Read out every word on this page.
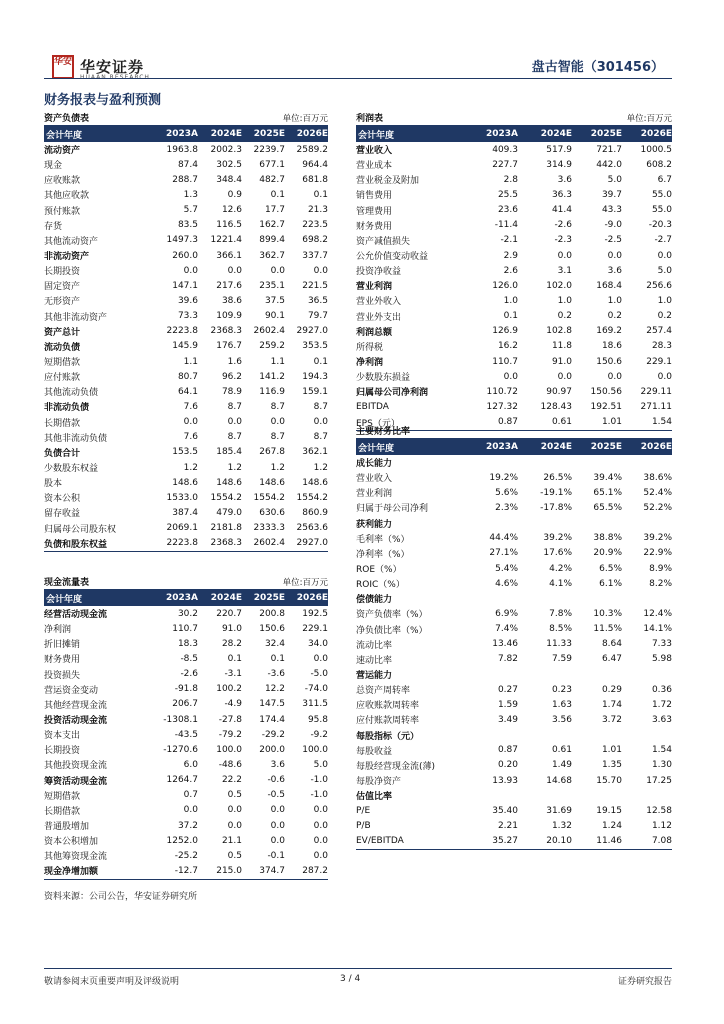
华安 华安证券	盘古智能（301456）
财务报表与盈利预测
资产负债表	单位:百万元
会计年度	2023A	2024E	2025E	2026E
流动资产	1963.8	2002.3	2239.7	2589.2
现金	87.4	302.5	677.1	964.4
应收账款	288.7	348.4	482.7	681.8
其他应收款	1.3	0.9	0.1	0.1
预付账款	5.7	12.6	17.7	21.3
存货	83.5	116.5	162.7	223.5
其他流动资产	1497.3	1221.4	899.4	698.2
非流动资产	260.0	366.1	362.7	337.7
长期投资	0.0	0.0	0.0	0.0
固定资产	147.1	217.6	235.1	221.5
无形资产	39.6	38.6	37.5	36.5
其他非流动资产	73.3	109.9	90.1	79.7
资产总计	2223.8	2368.3	2602.4	2927.0
流动负债	145.9	176.7	259.2	353.5
短期借款	1.1	1.6	1.1	0.1
应付账款	80.7	96.2	141.2	194.3
其他流动负债	64.1	78.9	116.9	159.1
非流动负债	7.6	8.7	8.7	8.7
长期借款	0.0	0.0	0.0	0.0
其他非流动负债	7.6	8.7	8.7	8.7
负债合计	153.5	185.4	267.8	362.1
少数股东权益	1.2	1.2	1.2	1.2
股本	148.6	148.6	148.6	148.6
资本公积	1533.0	1554.2	1554.2	1554.2
留存收益	387.4	479.0	630.6	860.9
归属母公司股东权	2069.1	2181.8	2333.3	2563.6
负债和股东权益	2223.8	2368.3	2602.4	2927.0
现金流量表	单位:百万元
会计年度	2023A	2024E	2025E	2026E
经营活动现金流	30.2	220.7	200.8	192.5
净利润	110.7	91.0	150.6	229.1
折旧摊销	18.3	28.2	32.4	34.0
财务费用	-8.5	0.1	0.1	0.0
投资损失	-2.6	-3.1	-3.6	-5.0
营运资金变动	-91.8	100.2	12.2	-74.0
其他经营现金流	206.7	-4.9	147.5	311.5
投资活动现金流	-1308.1	-27.8	174.4	95.8
资本支出	-43.5	-79.2	-29.2	-9.2
长期投资	-1270.6	100.0	200.0	100.0
其他投资现金流	6.0	-48.6	3.6	5.0
筹资活动现金流	1264.7	22.2	-0.6	-1.0
短期借款	0.7	0.5	-0.5	-1.0
长期借款	0.0	0.0	0.0	0.0
普通股增加	37.2	0.0	0.0	0.0
资本公积增加	1252.0	21.1	0.0	0.0
其他筹资现金流	-25.2	0.5	-0.1	0.0
现金净增加额	-12.7	215.0	374.7	287.2
利润表	单位:百万元
会计年度	2023A	2024E	2025E	2026E
营业收入	409.3	517.9	721.7	1000.5
营业成本	227.7	314.9	442.0	608.2
营业税金及附加	2.8	3.6	5.0	6.7
销售费用	25.5	36.3	39.7	55.0
管理费用	23.6	41.4	43.3	55.0
财务费用	-11.4	-2.6	-9.0	-20.3
资产减值损失	-2.1	-2.3	-2.5	-2.7
公允价值变动收益	2.9	0.0	0.0	0.0
投资净收益	2.6	3.1	3.6	5.0
营业利润	126.0	102.0	168.4	256.6
营业外收入	1.0	1.0	1.0	1.0
营业外支出	0.1	0.2	0.2	0.2
利润总额	126.9	102.8	169.2	257.4
所得税	16.2	11.8	18.6	28.3
净利润	110.7	91.0	150.6	229.1
少数股东损益	0.0	0.0	0.0	0.0
归属母公司净利润	110.72	90.97	150.56	229.11
EBITDA	127.32	128.43	192.51	271.11
EPS（元）	0.87	0.61	1.01	1.54
主要财务比率
会计年度	2023A	2024E	2025E	2026E
成长能力
营业收入	19.2%	26.5%	39.4%	38.6%
营业利润	5.6%	-19.1%	65.1%	52.4%
归属于母公司净利	2.3%	-17.8%	65.5%	52.2%
获利能力
毛利率（%）	44.4%	39.2%	38.8%	39.2%
净利率（%）	27.1%	17.6%	20.9%	22.9%
ROE（%）	5.4%	4.2%	6.5%	8.9%
ROIC（%）	4.6%	4.1%	6.1%	8.2%
偿债能力
资产负债率（%）	6.9%	7.8%	10.3%	12.4%
净负债比率（%）	7.4%	8.5%	11.5%	14.1%
流动比率	13.46	11.33	8.64	7.33
速动比率	7.82	7.59	6.47	5.98
营运能力
总资产周转率	0.27	0.23	0.29	0.36
应收账款周转率	1.59	1.63	1.74	1.72
应付账款周转率	3.49	3.56	3.72	3.63
每股指标（元）
每股收益	0.87	0.61	1.01	1.54
每股经营现金流(薄)	0.20	1.49	1.35	1.30
每股净资产	13.93	14.68	15.70	17.25
估值比率
P/E	35.40	31.69	19.15	12.58
P/B	2.21	1.32	1.24	1.12
EV/EBITDA	35.27	20.10	11.46	7.08
资料来源：公司公告，华安证券研究所
敬请参阅末页重要声明及评级说明	3 / 4	证券研究报告
